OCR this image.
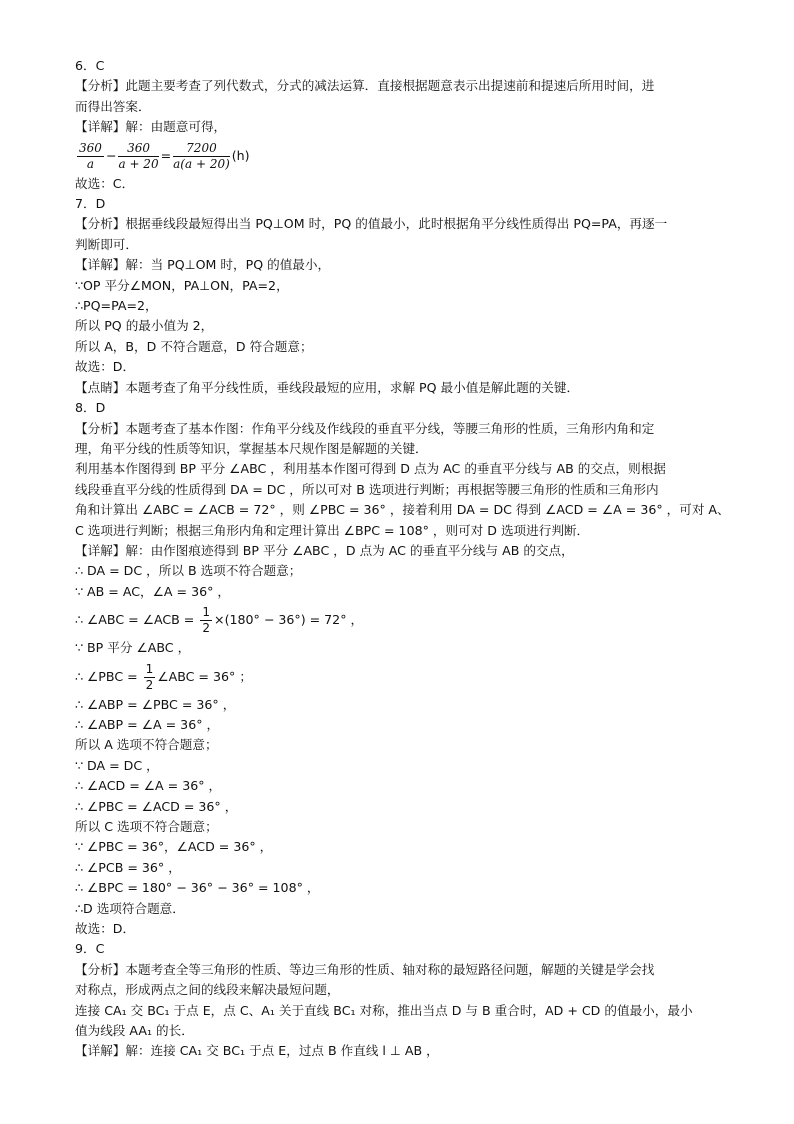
6．C
【分析】此题主要考查了列代数式，分式的减法运算．直接根据题意表示出提速前和提速后所用时间，进
而得出答案．
【详解】解：由题意可得，
$\frac{360}{a} - \frac{360}{a + 20} = \frac{7200}{a(a + 20)} (h)$
故选：C．
7．D
【分析】根据垂线段最短得出当 PQ⊥OM 时，PQ 的值最小，此时根据角平分线性质得出 PQ=PA，再逐一
判断即可．
【详解】解：当 PQ⊥OM 时，PQ 的值最小，
∵OP 平分∠MON，PA⊥ON，PA=2，
∴PQ=PA=2，
所以 PQ 的最小值为 2，
所以 A，B，D 不符合题意，D 符合题意；
故选：D．
【点睛】本题考查了角平分线性质，垂线段最短的应用，求解 PQ 最小值是解此题的关键．
8．D
【分析】本题考查了基本作图：作角平分线及作线段的垂直平分线，等腰三角形的性质，三角形内角和定
理，角平分线的性质等知识，掌握基本尺规作图是解题的关键．
利用基本作图得到 BP 平分 ∠ABC ，利用基本作图可得到 D 点为 AC 的垂直平分线与 AB 的交点，则根据
线段垂直平分线的性质得到 DA = DC ，所以可对 B 选项进行判断；再根据等腰三角形的性质和三角形内
角和计算出 ∠ABC = ∠ACB = 72° ，则 ∠PBC = 36° ，接着利用 DA = DC 得到 ∠ACD = ∠A = 36° ，可对 A、
C 选项进行判断；根据三角形内角和定理计算出 ∠BPC = 108° ，则可对 D 选项进行判断．
【详解】解：由作图痕迹得到 BP 平分 ∠ABC ，D 点为 AC 的垂直平分线与 AB 的交点，
∴ DA = DC ，所以 B 选项不符合题意；
∵ AB = AC，∠A = 36° ，
∴ ∠ABC = ∠ACB = $\frac{1}{2} \times(180^\circ - 36^\circ) = 72^\circ$ ，
∵ BP 平分 ∠ABC ，
∴ ∠PBC = $\frac{1}{2}$ ∠ABC = 36° ；
∴ ∠ABP = ∠PBC = 36° ，
∴ ∠ABP = ∠A = 36° ，
所以 A 选项不符合题意；
∵ DA = DC ，
∴ ∠ACD = ∠A = 36° ，
∴ ∠PBC = ∠ACD = 36° ，
所以 C 选项不符合题意；
∵ ∠PBC = 36°，∠ACD = 36° ，
∴ ∠PCB = 36° ，
∴ ∠BPC = 180° − 36° − 36° = 108° ，
∴D 选项符合题意．
故选：D．
9．C
【分析】本题考查全等三角形的性质、等边三角形的性质、轴对称的最短路径问题，解题的关键是学会找
对称点，形成两点之间的线段来解决最短问题，
连接 CA₁ 交 BC₁ 于点 E，点 C、A₁ 关于直线 BC₁ 对称，推出当点 D 与 B 重合时，AD + CD 的值最小，最小
值为线段 AA₁ 的长．
【详解】解：连接 CA₁ 交 BC₁ 于点 E，过点 B 作直线 l ⊥ AB ，
